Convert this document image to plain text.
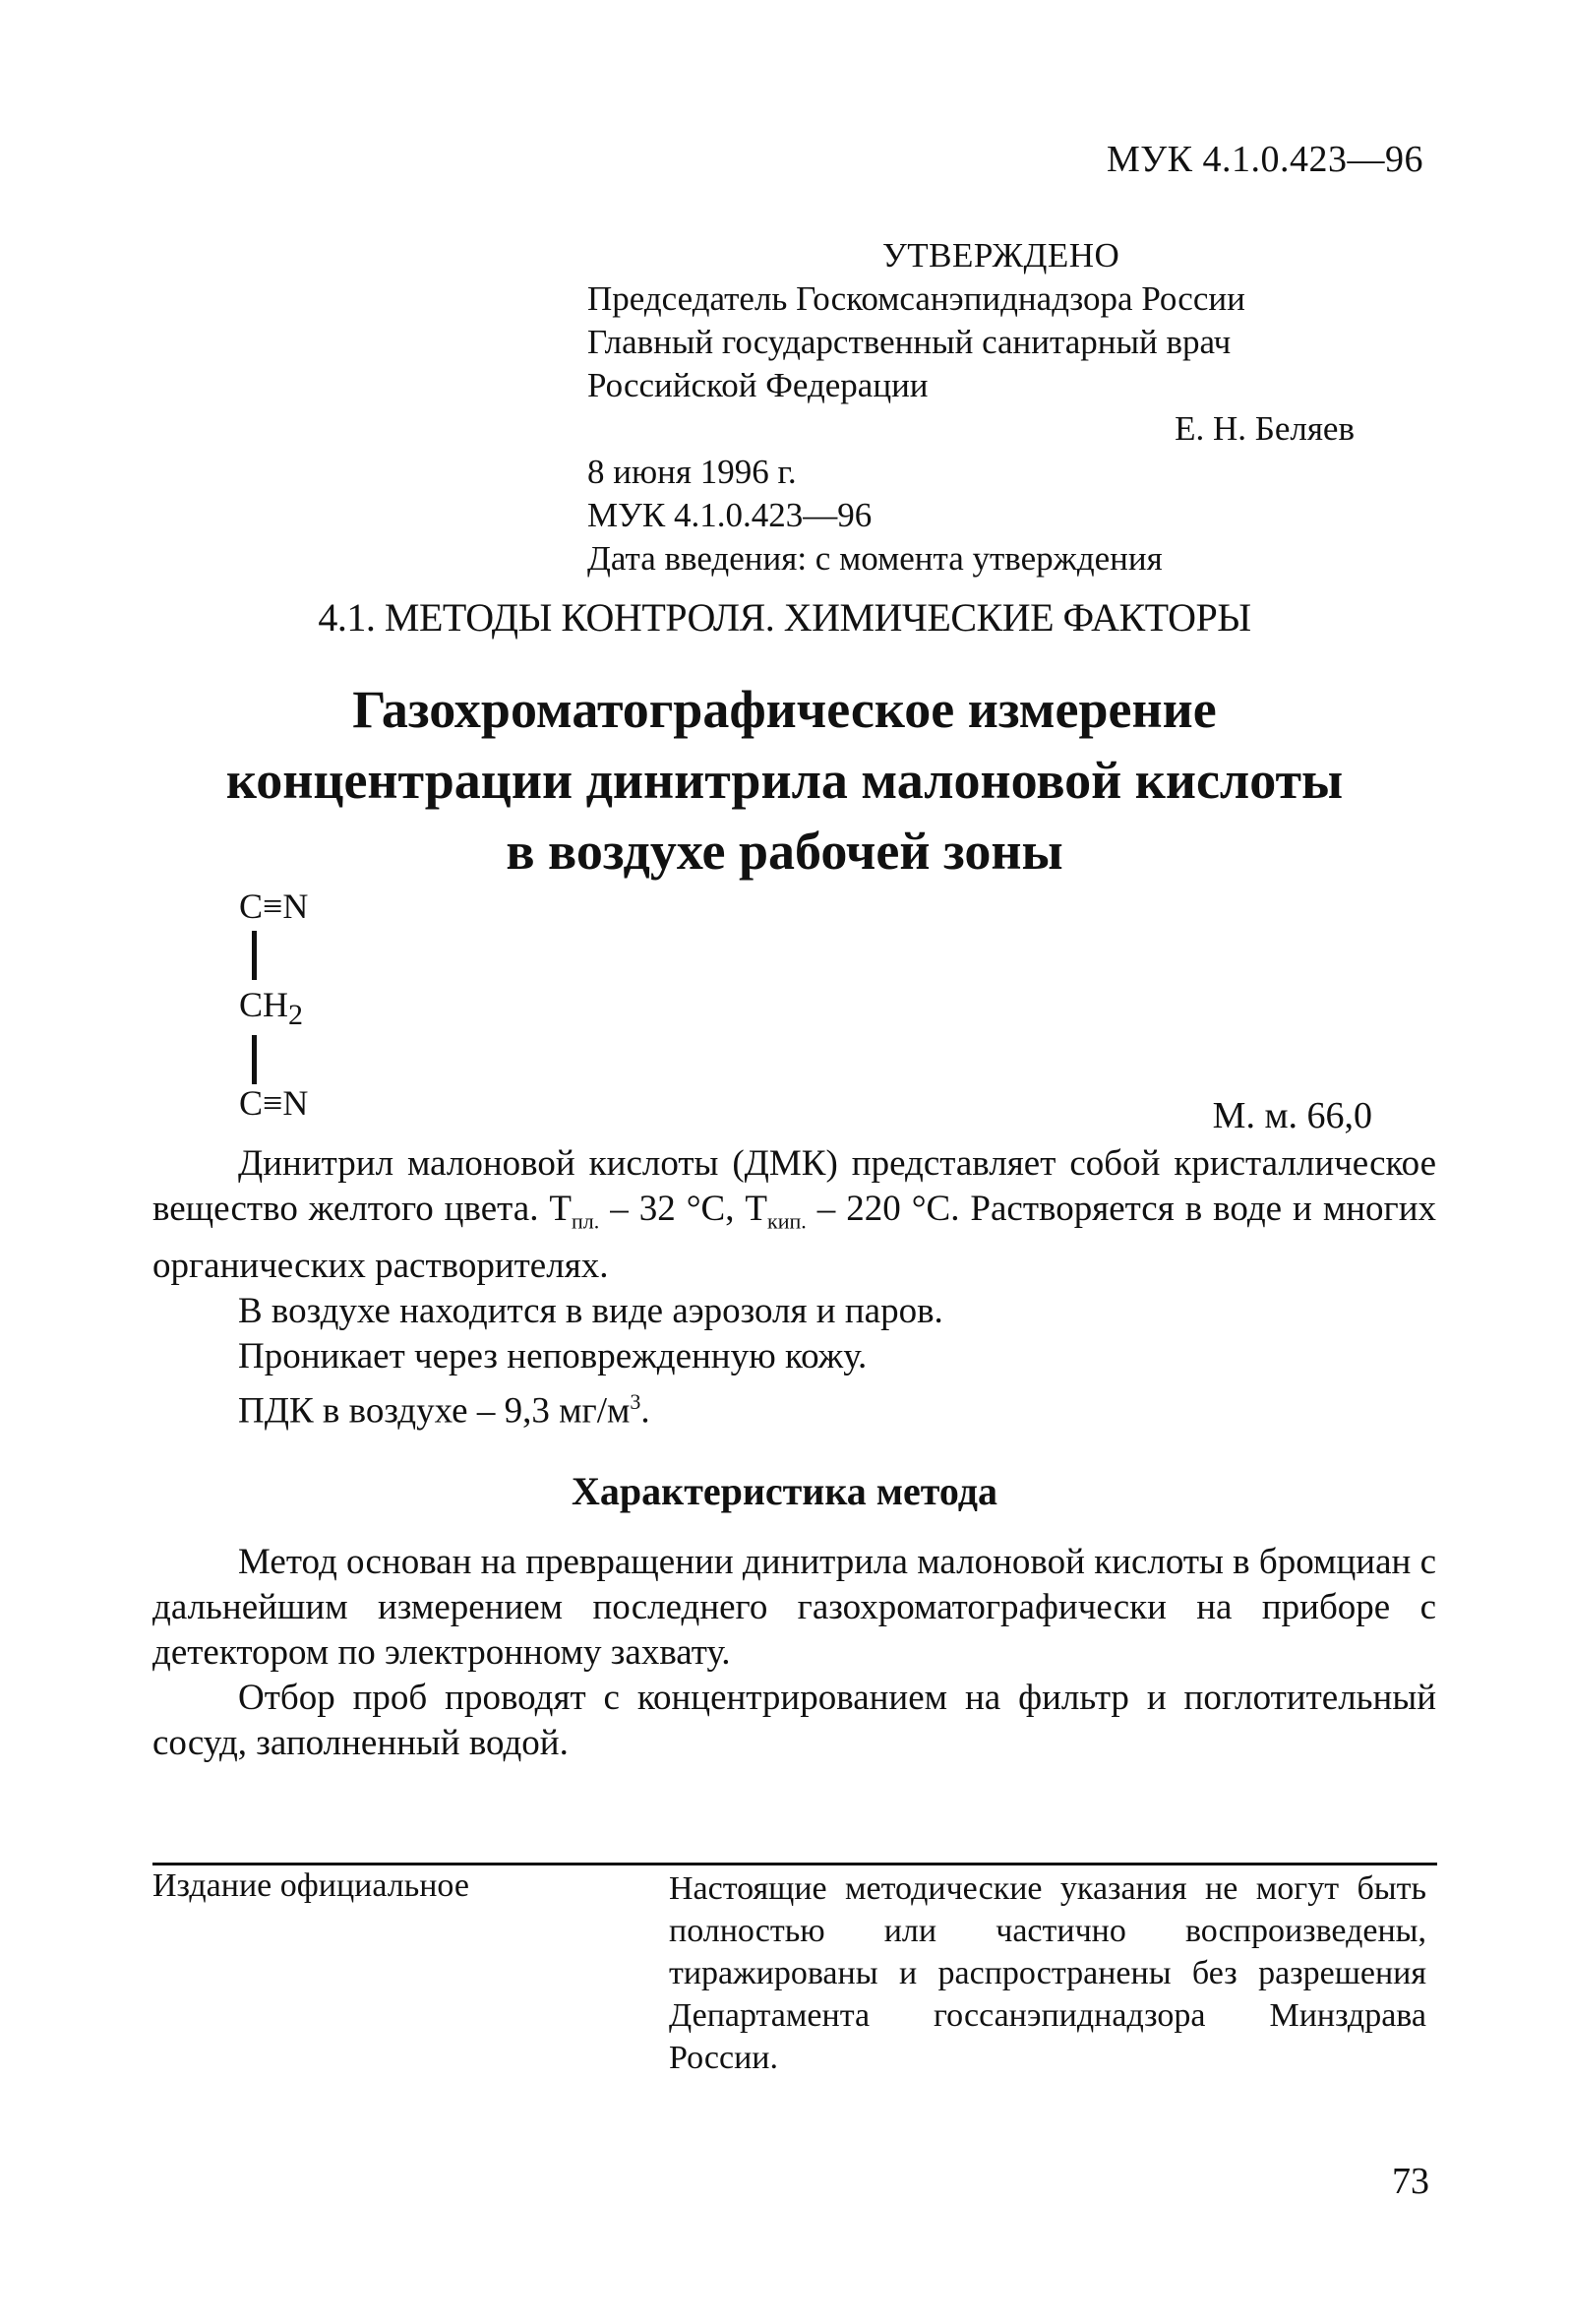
МУК 4.1.0.423—96
УТВЕРЖДЕНО
Председатель Госкомсанэпиднадзора России
Главный государственный санитарный врач
Российской Федерации
Е. Н. Беляев
8 июня 1996 г.
МУК 4.1.0.423—96
Дата введения: с момента утверждения
4.1. МЕТОДЫ КОНТРОЛЯ. ХИМИЧЕСКИЕ ФАКТОРЫ
Газохроматографическое измерение
концентрации динитрила малоновой кислоты
в воздухе рабочей зоны
C≡N
$CH_2$
C≡N	М. м. 66,0

Динитрил малоновой кислоты (ДМК) представляет собой кристаллическое вещество желтого цвета. $T_{пл.} - 32$ °С, $T_{кип.} - 220$ °С. Растворяется в воде и многих органических растворителях.

В воздухе находится в виде аэрозоля и паров.

Проникает через неповрежденную кожу.

ПДК в воздухе – 9,3 $мг/м^3$.

Характеристика метода

Метод основан на превращении динитрила малоновой кислоты в бромциан с дальнейшим измерением последнего газохроматографически на приборе с детектором по электронному захвату.

Отбор проб проводят с концентрированием на фильтр и поглотительный сосуд, заполненный водой.

Издание официальное	Настоящие методические указания не могут быть полностью или частично воспроизведены, тиражированы и распространены без разрешения Департамента госсанэпиднадзора Минздрава России.
73
